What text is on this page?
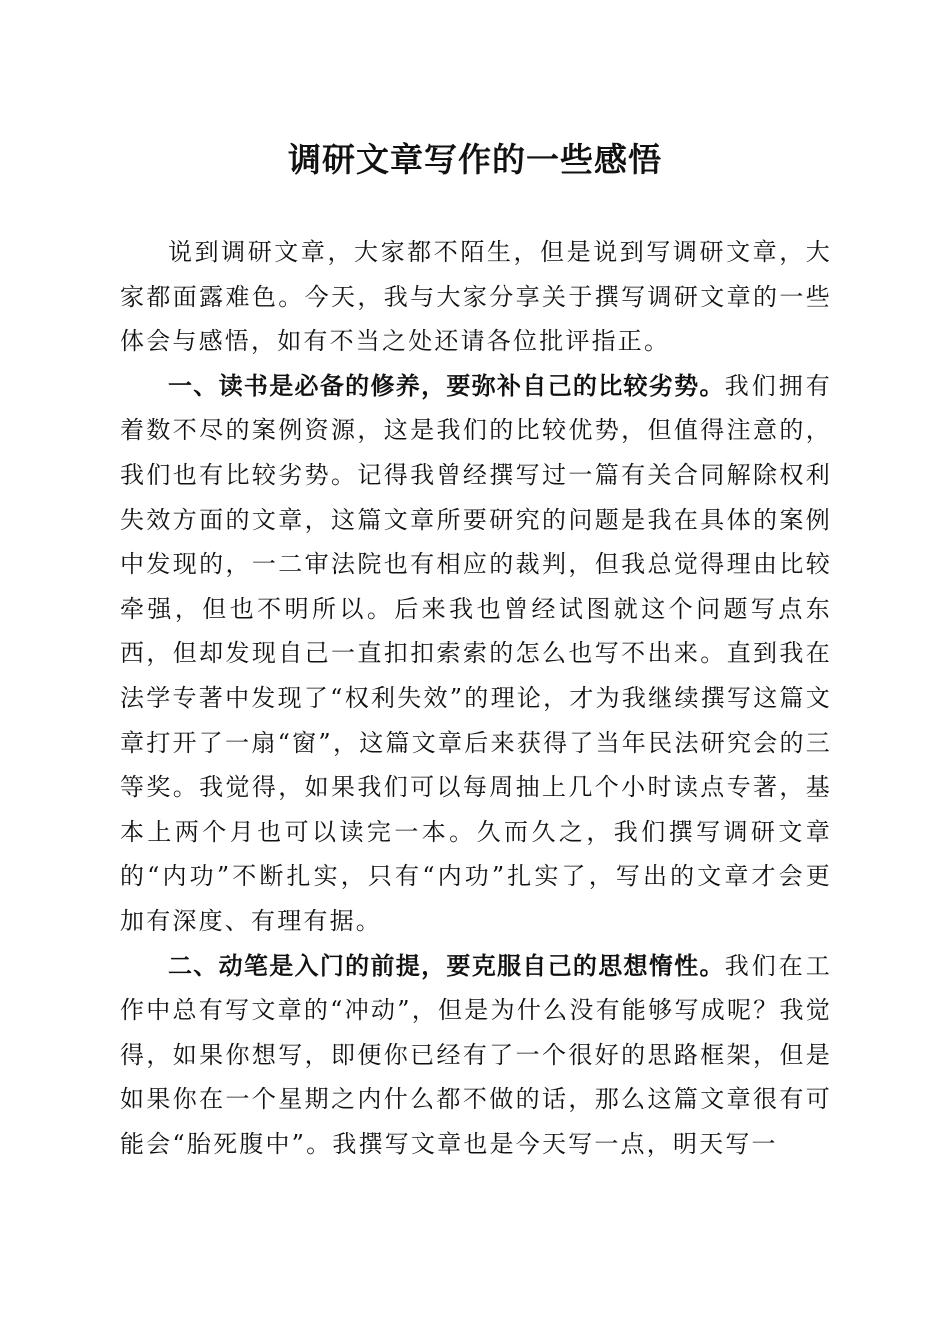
调研文章写作的一些感悟

说到调研文章，大家都不陌生，但是说到写调研文章，大家都面露难色。今天，我与大家分享关于撰写调研文章的一些体会与感悟，如有不当之处还请各位批评指正。

一、读书是必备的修养，要弥补自己的比较劣势。我们拥有着数不尽的案例资源，这是我们的比较优势，但值得注意的，我们也有比较劣势。记得我曾经撰写过一篇有关合同解除权利失效方面的文章，这篇文章所要研究的问题是我在具体的案例中发现的，一二审法院也有相应的裁判，但我总觉得理由比较牵强，但也不明所以。后来我也曾经试图就这个问题写点东西，但却发现自己一直扣扣索索的怎么也写不出来。直到我在法学专著中发现了“权利失效”的理论，才为我继续撰写这篇文章打开了一扇“窗”，这篇文章后来获得了当年民法研究会的三等奖。我觉得，如果我们可以每周抽上几个小时读点专著，基本上两个月也可以读完一本。久而久之，我们撰写调研文章的“内功”不断扎实，只有“内功”扎实了，写出的文章才会更加有深度、有理有据。

二、动笔是入门的前提，要克服自己的思想惰性。我们在工作中总有写文章的“冲动”，但是为什么没有能够写成呢？我觉得，如果你想写，即便你已经有了一个很好的思路框架，但是如果你在一个星期之内什么都不做的话，那么这篇文章很有可能会“胎死腹中”。我撰写文章也是今天写一点，明天写一
